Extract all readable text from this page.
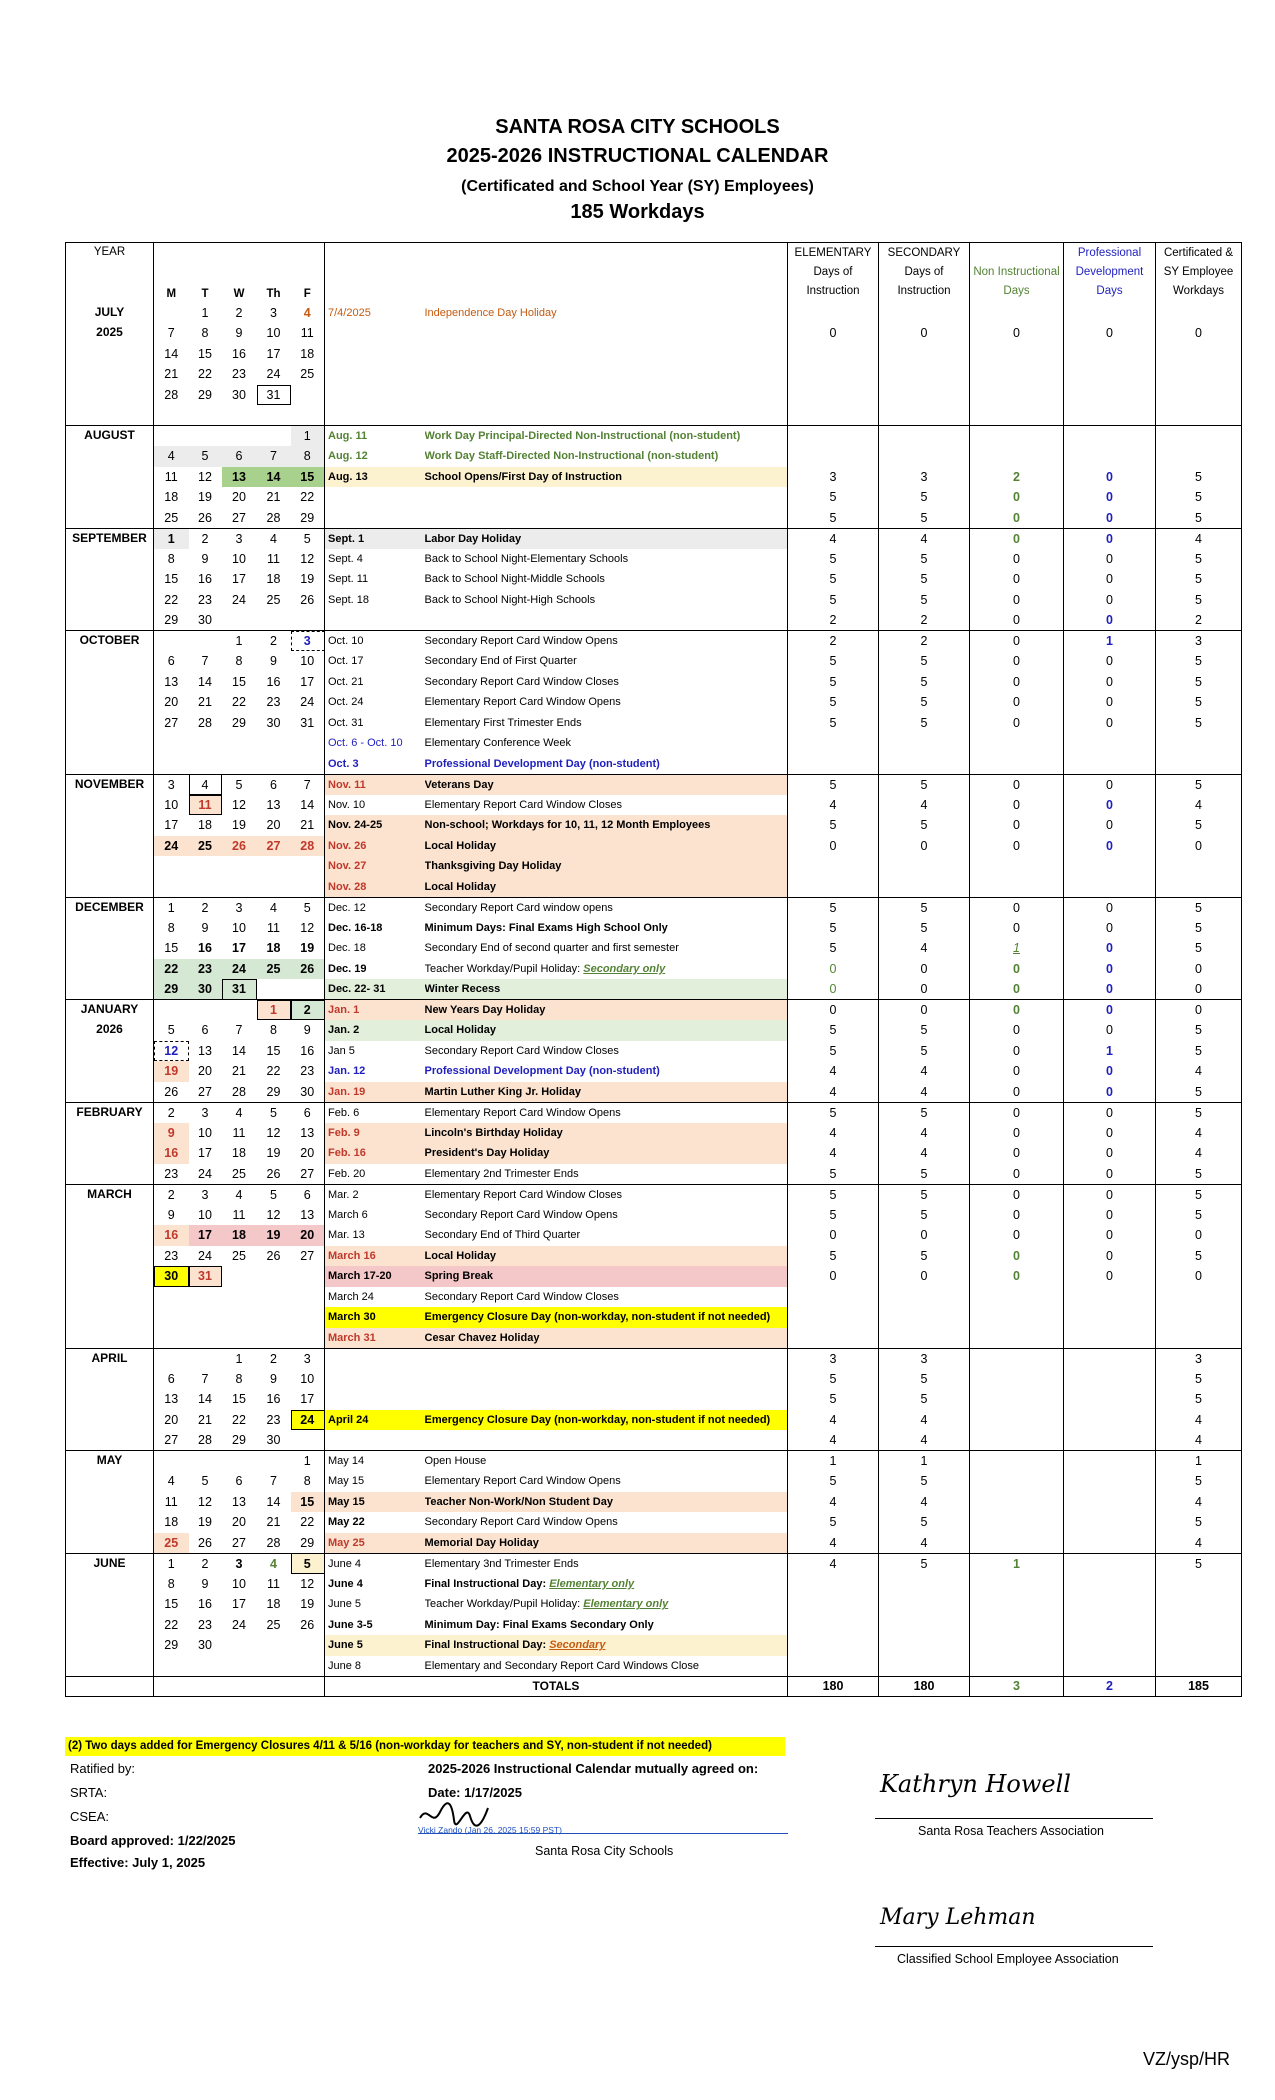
SANTA ROSA CITY SCHOOLS
2025-2026 INSTRUCTIONAL CALENDAR
(Certificated and School Year (SY) Employees)
185 Workdays
YEAR	M	T	W	Th	F			ELEMENTARY Days of Instruction	SECONDARY Days of Instruction	Non Instructional Days	Professional Development Days	Certificated & SY Employee Workdays
JULY		1	2	3	4	7/4/2025	Independence Day Holiday					
2025	7	8	9	10	11			0	0	0	0	0
	14	15	16	17	18							
	21	22	23	24	25							
	28	29	30	31								

AUGUST					1	Aug. 11	Work Day Principal-Directed Non-Instructional (non-student)					
	4	5	6	7	8	Aug. 12	Work Day Staff-Directed Non-Instructional (non-student)					
	11	12	13	14	15	Aug. 13	School Opens/First Day of Instruction	3	3	2	0	5
	18	19	20	21	22			5	5	0	0	5
	25	26	27	28	29			5	5	0	0	5
SEPTEMBER	1	2	3	4	5	Sept. 1	Labor Day Holiday	4	4	0	0	4
	8	9	10	11	12	Sept. 4	Back to School Night-Elementary Schools	5	5	0	0	5
	15	16	17	18	19	Sept. 11	Back to School Night-Middle Schools	5	5	0	0	5
	22	23	24	25	26	Sept. 18	Back to School Night-High Schools	5	5	0	0	5
	29	30						2	2	0	0	2
OCTOBER			1	2	3	Oct. 10	Secondary Report Card Window Opens	2	2	0	1	3
	6	7	8	9	10	Oct. 17	Secondary End of First Quarter	5	5	0	0	5
	13	14	15	16	17	Oct. 21	Secondary Report Card Window Closes	5	5	0	0	5
	20	21	22	23	24	Oct. 24	Elementary Report Card Window Opens	5	5	0	0	5
	27	28	29	30	31	Oct. 31	Elementary First Trimester Ends	5	5	0	0	5
						Oct. 6 - Oct. 10	Elementary Conference Week					
						Oct. 3	Professional Development Day (non-student)					
NOVEMBER	3	4	5	6	7	Nov. 11	Veterans Day	5	5	0	0	5
	10	11	12	13	14	Nov. 10	Elementary Report Card Window Closes	4	4	0	0	4
	17	18	19	20	21	Nov. 24-25	Non-school; Workdays for 10, 11, 12 Month Employees	5	5	0	0	5
	24	25	26	27	28	Nov. 26	Local Holiday	0	0	0	0	0
						Nov. 27	Thanksgiving Day Holiday					
						Nov. 28	Local Holiday					
DECEMBER	1	2	3	4	5	Dec. 12	Secondary Report Card window opens	5	5	0	0	5
	8	9	10	11	12	Dec. 16-18	Minimum Days: Final Exams High School Only	5	5	0	0	5
	15	16	17	18	19	Dec. 18	Secondary End of second quarter and first semester	5	4	1	0	5
	22	23	24	25	26	Dec. 19	Teacher Workday/Pupil Holiday: Secondary only	0	0	0	0	0
	29	30	31			Dec. 22- 31	Winter Recess	0	0	0	0	0
JANUARY				1	2	Jan. 1	New Years Day Holiday	0	0	0	0	0
2026	5	6	7	8	9	Jan. 2	Local Holiday	5	5	0	0	5
	12	13	14	15	16	Jan 5	Secondary Report Card Window Closes	5	5	0	1	5
	19	20	21	22	23	Jan. 12	Professional Development Day (non-student)	4	4	0	0	4
	26	27	28	29	30	Jan. 19	Martin Luther King Jr. Holiday	4	4	0	0	5
FEBRUARY	2	3	4	5	6	Feb. 6	Elementary Report Card Window Opens	5	5	0	0	5
	9	10	11	12	13	Feb. 9	Lincoln's Birthday Holiday	4	4	0	0	4
	16	17	18	19	20	Feb. 16	President's Day Holiday	4	4	0	0	4
	23	24	25	26	27	Feb. 20	Elementary 2nd Trimester Ends	5	5	0	0	5
MARCH	2	3	4	5	6	Mar. 2	Elementary Report Card Window Closes	5	5	0	0	5
	9	10	11	12	13	March 6	Secondary Report Card Window Opens	5	5	0	0	5
	16	17	18	19	20	Mar. 13	Secondary End of Third Quarter	0	0	0	0	0
	23	24	25	26	27	March 16	Local Holiday	5	5	0	0	5
	30	31				March 17-20	Spring Break	0	0	0	0	0
						March 24	Secondary Report Card Window Closes					
						March 30	Emergency Closure Day (non-workday, non-student if not needed)					
						March 31	Cesar Chavez Holiday					
APRIL			1	2	3			3	3			3
	6	7	8	9	10			5	5			5
	13	14	15	16	17			5	5			5
	20	21	22	23	24	April 24	Emergency Closure Day (non-workday, non-student if not needed)	4	4			4
	27	28	29	30				4	4			4
MAY					1	May 14	Open House	1	1			1
	4	5	6	7	8	May 15	Elementary Report Card Window Opens	5	5			5
	11	12	13	14	15	May 15	Teacher Non-Work/Non Student Day	4	4			4
	18	19	20	21	22	May 22	Secondary Report Card Window Opens	5	5			5
	25	26	27	28	29	May 25	Memorial Day Holiday	4	4			4
JUNE	1	2	3	4	5	June 4	Elementary 3nd Trimester Ends	4	5	1		5
	8	9	10	11	12	June 4	Final Instructional Day: Elementary only					
	15	16	17	18	19	June 5	Teacher Workday/Pupil Holiday: Elementary only					
	22	23	24	25	26	June 3-5	Minimum Day: Final Exams Secondary Only					
	29	30				June 5	Final Instructional Day: Secondary					
						June 8	Elementary and Secondary Report Card Windows Close					
						TOTALS		180	180	3	2	185
(2) Two days added for Emergency Closures 4/11 & 5/16 (non-workday for teachers and SY, non-student if not needed)
Ratified by:
SRTA:
CSEA:
Board approved: 1/22/2025
Effective: July 1, 2025
2025-2026 Instructional Calendar mutually agreed on:
Date: 1/17/2025
Vicki Zando (Jan 26, 2025 15:59 PST)
Santa Rosa City Schools
Kathryn Howell
Santa Rosa Teachers Association
Mary Lehman
Classified School Employee Association
VZ/ysp/HR
